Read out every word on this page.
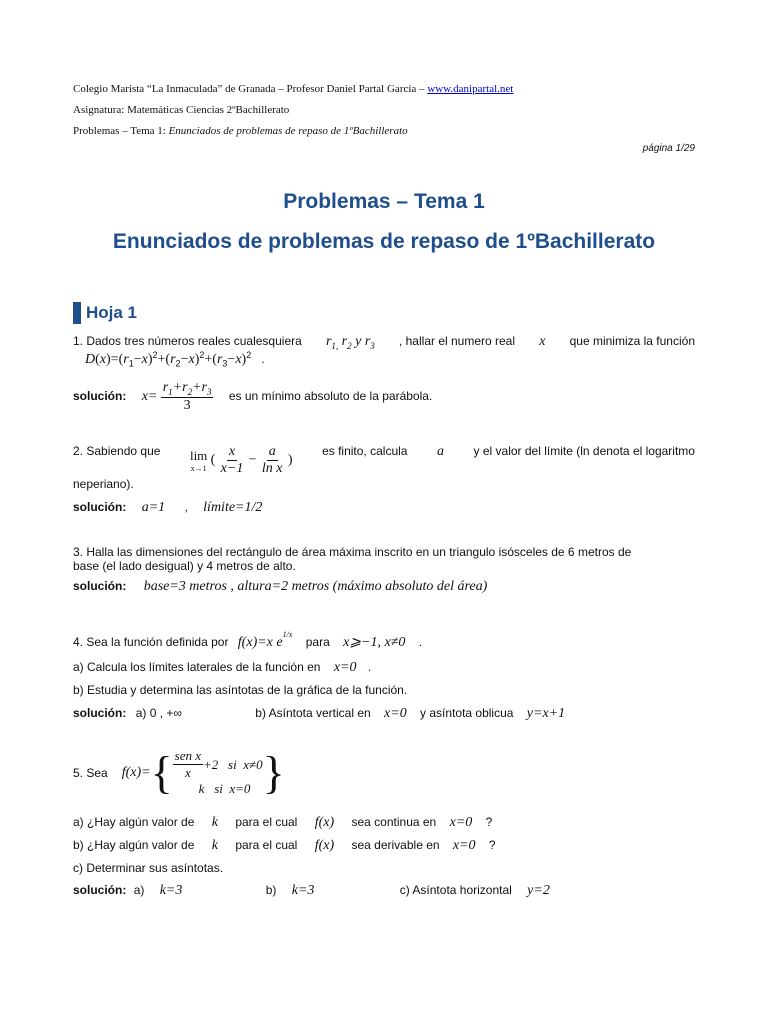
Colegio Marista “La Inmaculada” de Granada – Profesor Daniel Partal García – www.danipartal.net
Asignatura: Matemáticas Ciencias 2ºBachillerato
Problemas – Tema 1: Enunciados de problemas de repaso de 1ºBachillerato
página 1/29
Problemas – Tema 1
Enunciados de problemas de repaso de 1ºBachillerato
Hoja 1
1. Dados tres números reales cualesquiera $r_{1,}$ $r_2$ y $r_3$ , hallar el numero real x que minimiza la función
$D(x)=(r_1-x)^2+(r_2-x)^2+(r_3-x)^2$ .
solución: $x= \frac{r_1+r_2+r_3}{3}$ es un mínimo absoluto de la parábola.
2. Sabiendo que lim
x→1
( $\frac{x}{x-1} - \frac{a}{\text{ln x}}$ )
es finito, calcula a y el valor del límite (ln denota el logaritmo
neperiano).
solución: a=1 , límite=1/2
3. Halla las dimensiones del rectángulo de área máxima inscrito en un triangulo isósceles de 6 metros de
base (el lado desigual) y 4 metros de alto.
solución: base=3 metros , altura=2 metros (máximo absoluto del área)
4. Sea la función definida por f(x)=x $e^{1/x}$ para x⩾−1, x≠0 .
a) Calcula los límites laterales de la función en x=0 .
b) Estudia y determina las asíntotas de la gráfica de la función.
solución: a) 0 , +∞	b) Asíntota vertical en x=0 y asíntota oblicua y=x+1
5. Sea f(x)= { $\frac{\text{sen x}}{x} +2$   si  x≠0
k   si  x=0 }
a) ¿Hay algún valor de k para el cual f(x) sea continua en x=0 ?
b) ¿Hay algún valor de k para el cual f(x) sea derivable en x=0 ?
c) Determinar sus asíntotas.
solución: a) k=3	b) k=3	c) Asíntota horizontal y=2
